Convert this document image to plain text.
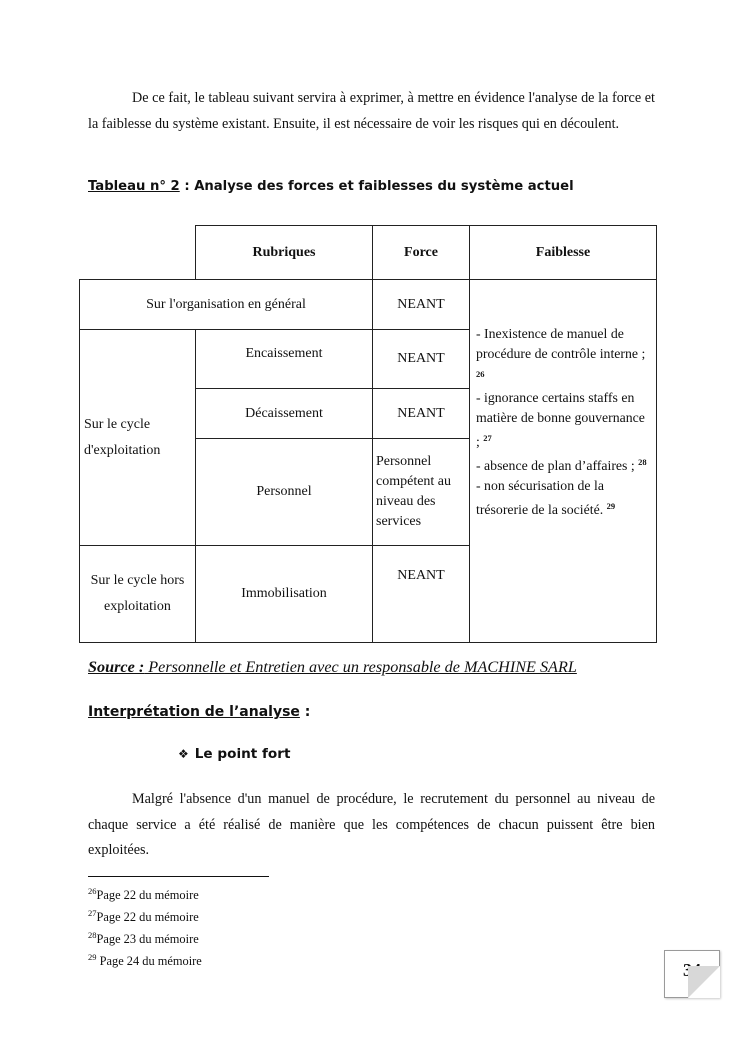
De ce fait, le tableau suivant servira à exprimer, à mettre en évidence l'analyse de la force et la faiblesse du système existant. Ensuite, il est nécessaire de voir les risques qui en découlent.

Tableau n° 2 : Analyse des forces et faiblesses du système actuel
	Rubriques	Force	Faiblesse
Sur l'organisation en général		NEANT	- Inexistence de manuel de procédure de contrôle interne ; $^{26}$
- ignorance certains staffs en matière de bonne gouvernance ; $^{27}$
- absence de plan d’affaires ; $^{28}$
- non sécurisation de la trésorerie de la société. $^{29}$

Sur le cycle d'exploitation	Encaissement	NEANT	
	Décaissement	NEANT	
	Personnel	Personnel compétent au niveau des services	
Sur le cycle hors exploitation	Immobilisation	NEANT	
Source : Personnelle et Entretien avec un responsable de MACHINE SARL
Interprétation de l’analyse :
❖ Le point fort

Malgré l'absence d'un manuel de procédure, le recrutement du personnel au niveau de chaque service a été réalisé de manière que les compétences de chacun puissent être bien exploitées.

$^{26}$Page 22 du mémoire
$^{27}$Page 22 du mémoire
$^{28}$Page 23 du mémoire
$^{29}$ Page 24 du mémoire	34
